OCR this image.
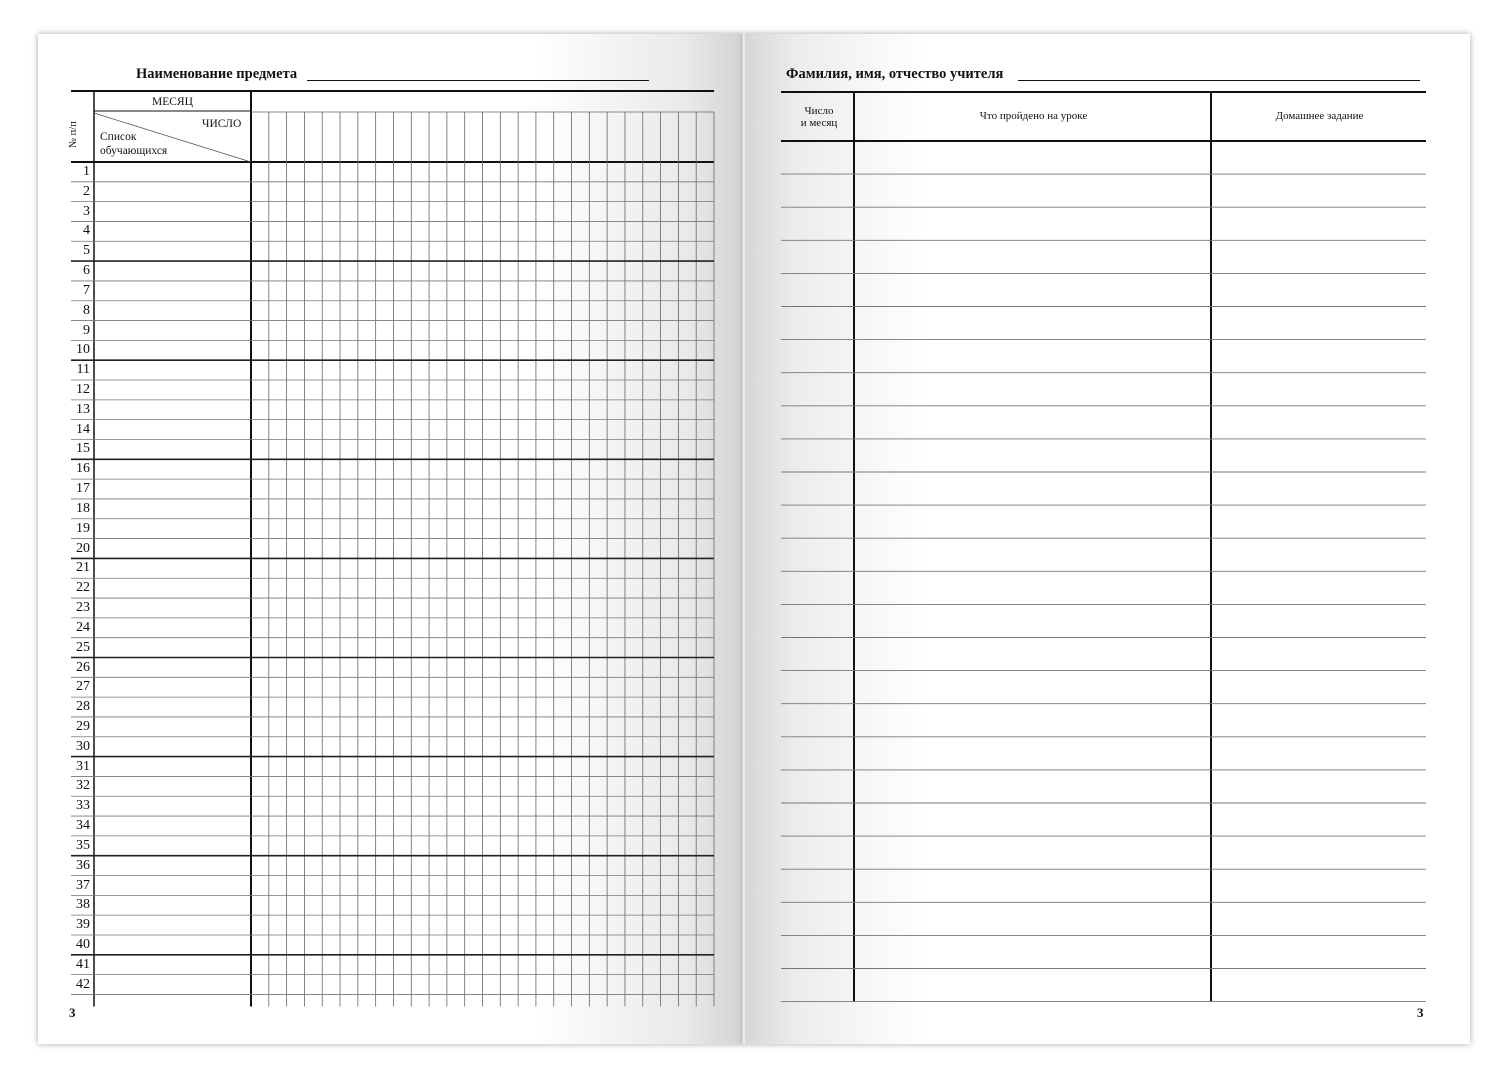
Наименование предмета
№ п/п
МЕСЯЦ
ЧИСЛО
Список
обучающихся
1
2
3
4
5
6
7
8
9
10
11
12
13
14
15
16
17
18
19
20
21
22
23
24
25
26
27
28
29
30
31
32
33
34
35
36
37
38
39
40
41
42
3
Фамилия, имя, отчество учителя
Число
и месяц
Что пройдено на уроке	Домашнее задание
3
